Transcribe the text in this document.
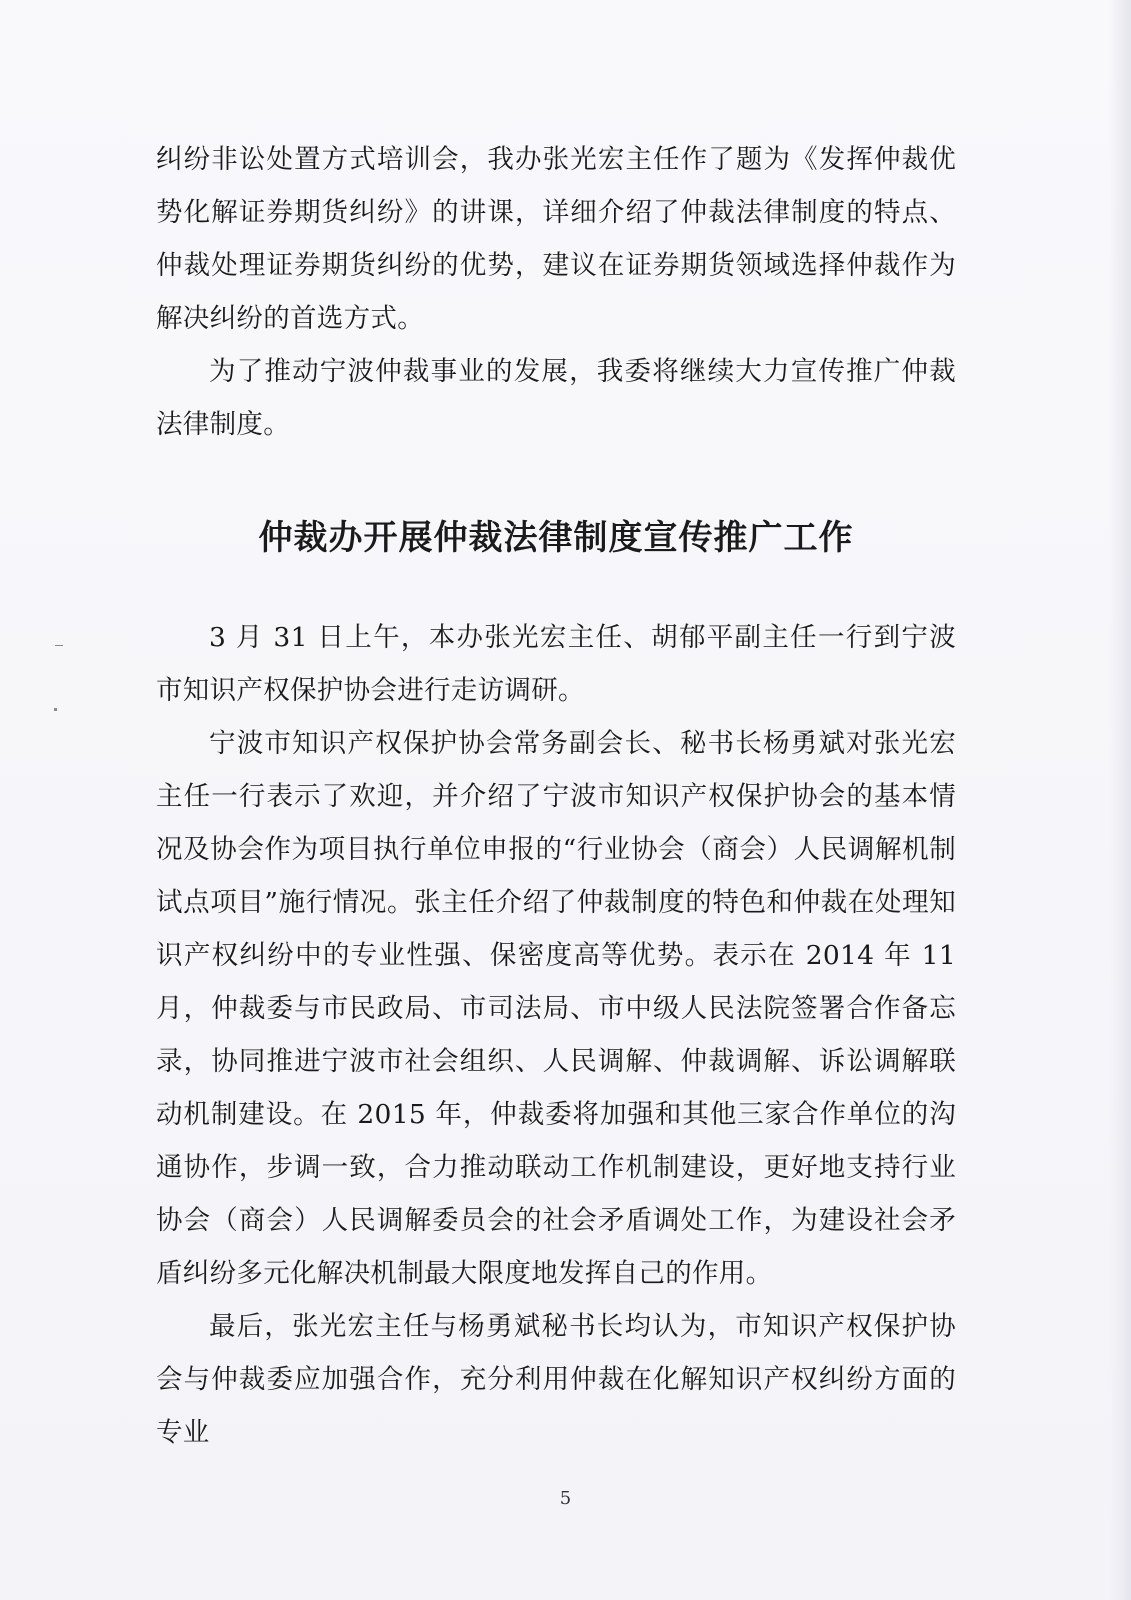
纠纷非讼处置方式培训会，我办张光宏主任作了题为《发挥仲裁优势化解证券期货纠纷》的讲课，详细介绍了仲裁法律制度的特点、仲裁处理证券期货纠纷的优势，建议在证券期货领域选择仲裁作为解决纠纷的首选方式。

为了推动宁波仲裁事业的发展，我委将继续大力宣传推广仲裁法律制度。

仲裁办开展仲裁法律制度宣传推广工作

3 月 31 日上午，本办张光宏主任、胡郁平副主任一行到宁波市知识产权保护协会进行走访调研。

宁波市知识产权保护协会常务副会长、秘书长杨勇斌对张光宏主任一行表示了欢迎，并介绍了宁波市知识产权保护协会的基本情况及协会作为项目执行单位申报的“行业协会（商会）人民调解机制试点项目”施行情况。张主任介绍了仲裁制度的特色和仲裁在处理知识产权纠纷中的专业性强、保密度高等优势。表示在 2014 年 11 月，仲裁委与市民政局、市司法局、市中级人民法院签署合作备忘录，协同推进宁波市社会组织、人民调解、仲裁调解、诉讼调解联动机制建设。在 2015 年，仲裁委将加强和其他三家合作单位的沟通协作，步调一致，合力推动联动工作机制建设，更好地支持行业协会（商会）人民调解委员会的社会矛盾调处工作，为建设社会矛盾纠纷多元化解决机制最大限度地发挥自己的作用。

最后，张光宏主任与杨勇斌秘书长均认为，市知识产权保护协会与仲裁委应加强合作，充分利用仲裁在化解知识产权纠纷方面的专业

5
